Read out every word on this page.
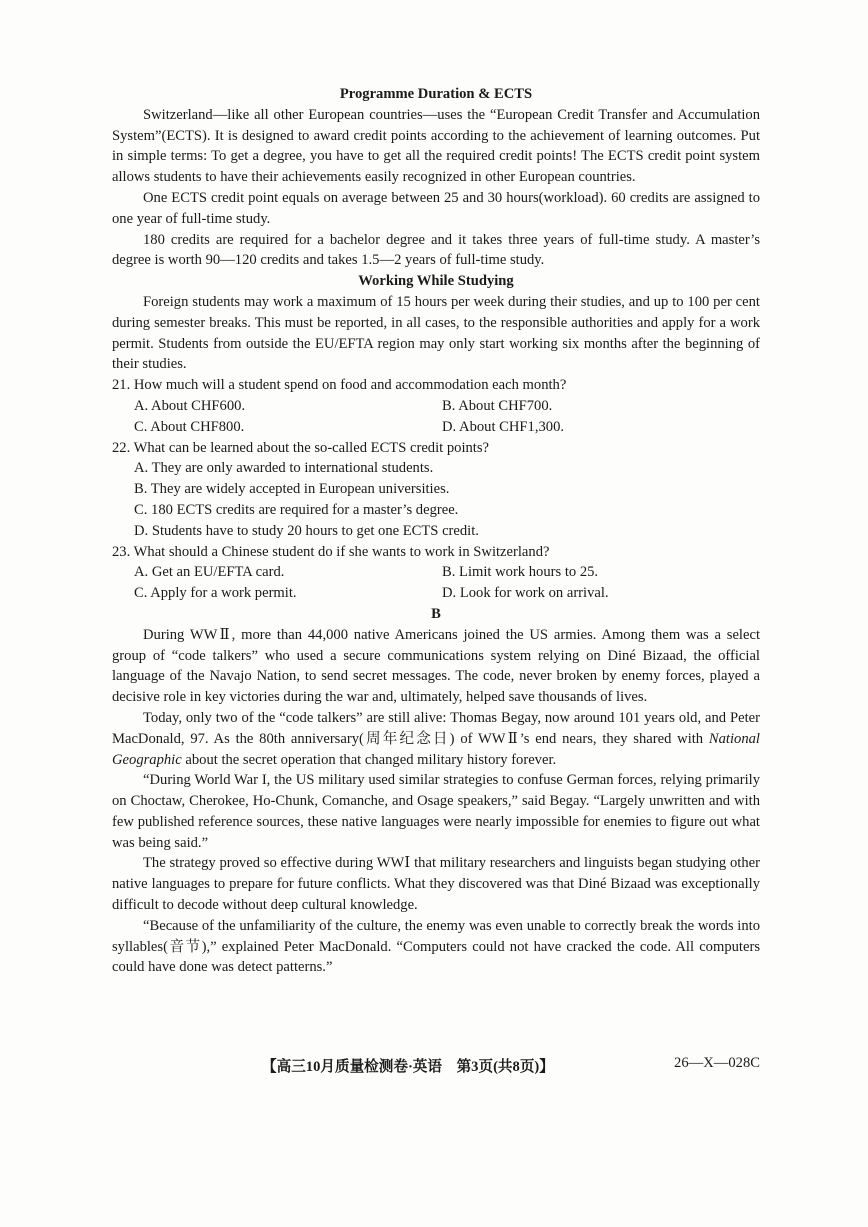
Programme Duration & ECTS

Switzerland—like all other European countries—uses the “European Credit Transfer and Accumulation System”(ECTS). It is designed to award credit points according to the achievement of learning outcomes. Put in simple terms: To get a degree, you have to get all the required credit points! The ECTS credit point system allows students to have their achievements easily recognized in other European countries.

One ECTS credit point equals on average between 25 and 30 hours(workload). 60 credits are assigned to one year of full-time study.

180 credits are required for a bachelor degree and it takes three years of full-time study. A master’s degree is worth 90—120 credits and takes 1.5—2 years of full-time study.

Working While Studying

Foreign students may work a maximum of 15 hours per week during their studies, and up to 100 per cent during semester breaks. This must be reported, in all cases, to the responsible authorities and apply for a work permit. Students from outside the EU/EFTA region may only start working six months after the beginning of their studies.

21. How much will a student spend on food and accommodation each month?

A. About CHF600.	B. About CHF700.

C. About CHF800.	D. About CHF1,300.

22. What can be learned about the so-called ECTS credit points?

A. They are only awarded to international students.

B. They are widely accepted in European universities.

C. 180 ECTS credits are required for a master’s degree.

D. Students have to study 20 hours to get one ECTS credit.

23. What should a Chinese student do if she wants to work in Switzerland?

A. Get an EU/EFTA card.	B. Limit work hours to 25.

C. Apply for a work permit.	D. Look for work on arrival.

B

During WWⅡ, more than 44,000 native Americans joined the US armies. Among them was a select group of “code talkers” who used a secure communications system relying on Diné Bizaad, the official language of the Navajo Nation, to send secret messages. The code, never broken by enemy forces, played a decisive role in key victories during the war and, ultimately, helped save thousands of lives.

Today, only two of the “code talkers” are still alive: Thomas Begay, now around 101 years old, and Peter MacDonald, 97. As the 80th anniversary(周年纪念日) of WWⅡ’s end nears, they shared with National Geographic about the secret operation that changed military history forever.

“During World War I, the US military used similar strategies to confuse German forces, relying primarily on Choctaw, Cherokee, Ho-Chunk, Comanche, and Osage speakers,” said Begay. “Largely unwritten and with few published reference sources, these native languages were nearly impossible for enemies to figure out what was being said.”

The strategy proved so effective during WWⅠ that military researchers and linguists began studying other native languages to prepare for future conflicts. What they discovered was that Diné Bizaad was exceptionally difficult to decode without deep cultural knowledge.

“Because of the unfamiliarity of the culture, the enemy was even unable to correctly break the words into syllables(音节),” explained Peter MacDonald. “Computers could not have cracked the code. All computers could have done was detect patterns.”

【高三10月质量检测卷·英语　第3页(共8页)】	26—X—028C
